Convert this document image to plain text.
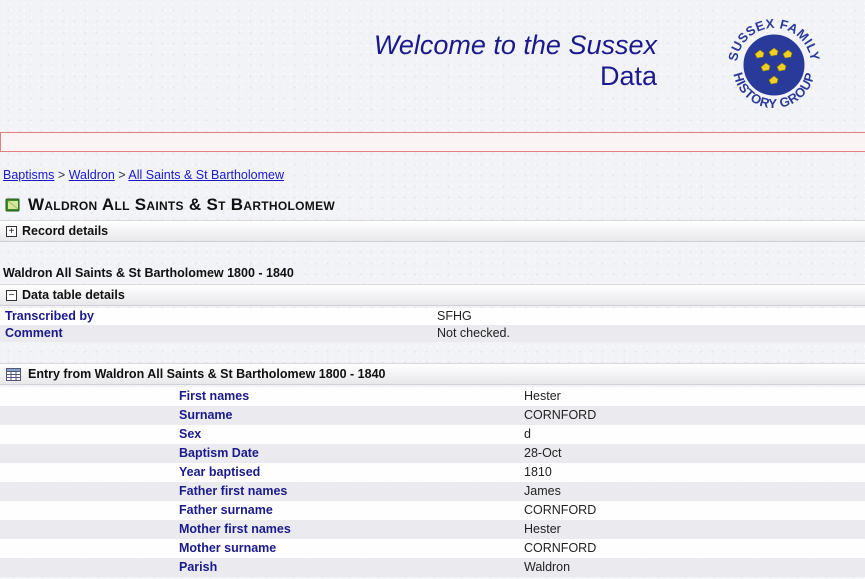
Welcome to the Sussex
Data
SUSSEX FAMILY
HISTORY GROUP
Baptisms > Waldron > All Saints & St Bartholomew
Waldron All Saints & St Bartholomew
+ Record details
Waldron All Saints & St Bartholomew 1800 - 1840
− Data table details
Transcribed by	SFHG
Comment	Not checked.
Entry from Waldron All Saints & St Bartholomew 1800 - 1840
First names	Hester
Surname	CORNFORD
Sex	d
Baptism Date	28-Oct
Year baptised	1810
Father first names	James
Father surname	CORNFORD
Mother first names	Hester
Mother surname	CORNFORD
Parish	Waldron
